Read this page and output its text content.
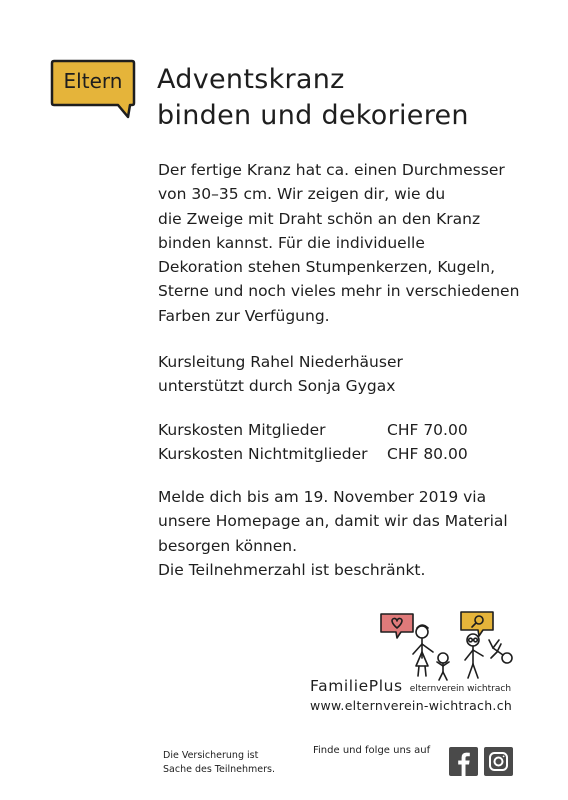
Eltern	Adventskranz
binden und dekorieren
Der fertige Kranz hat ca. einen Durchmesser
von 30–35 cm. Wir zeigen dir, wie du
die Zweige mit Draht schön an den Kranz
binden kannst. Für die individuelle
Dekoration stehen Stumpenkerzen, Kugeln,
Sterne und noch vieles mehr in verschiedenen
Farben zur Verfügung.
Kursleitung Rahel Niederhäuser
unterstützt durch Sonja Gygax
Kurskosten Mitglieder	CHF 70.00
Kurskosten Nichtmitglieder	CHF 80.00
Melde dich bis am 19. November 2019 via
unsere Homepage an, damit wir das Material
besorgen können.
Die Teilnehmerzahl ist beschränkt.
FamiliePlus elternverein wichtrach
www.elternverein-wichtrach.ch
Die Versicherung ist
Sache des Teilnehmers.
Finde und folge uns auf
